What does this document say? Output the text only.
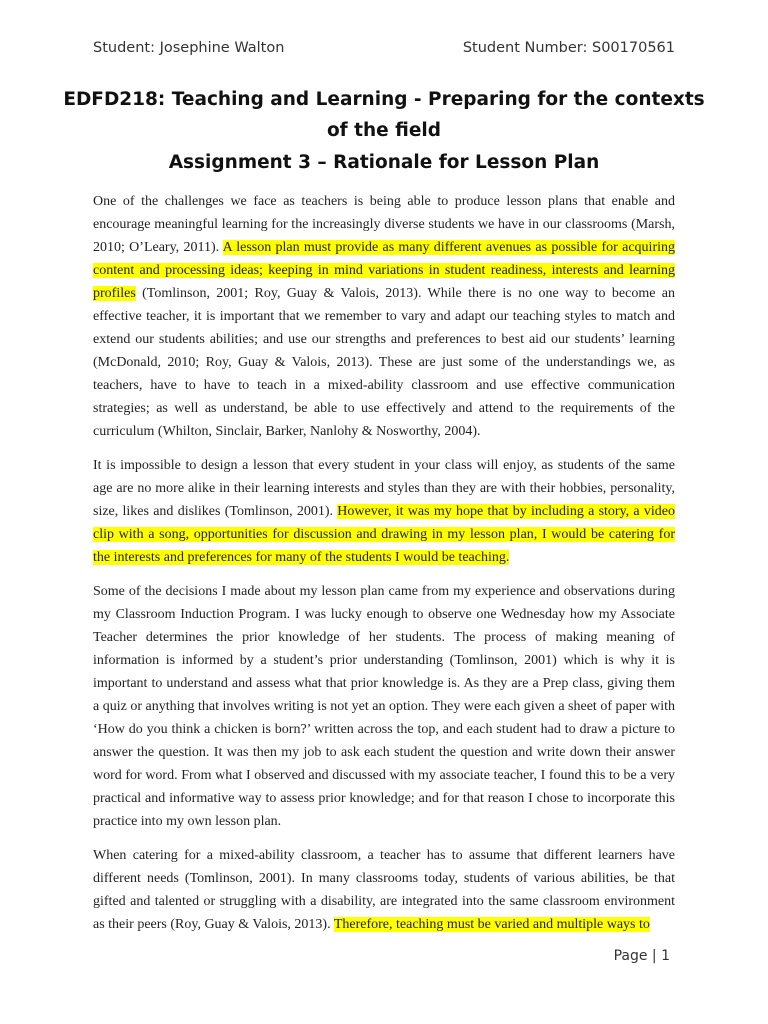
Student: Josephine Walton	Student Number: S00170561
EDFD218: Teaching and Learning - Preparing for the contexts of the field
Assignment 3 – Rationale for Lesson Plan

One of the challenges we face as teachers is being able to produce lesson plans that enable and encourage meaningful learning for the increasingly diverse students we have in our classrooms (Marsh, 2010; O’Leary, 2011). A lesson plan must provide as many different avenues as possible for acquiring content and processing ideas; keeping in mind variations in student readiness, interests and learning profiles (Tomlinson, 2001; Roy, Guay & Valois, 2013). While there is no one way to become an effective teacher, it is important that we remember to vary and adapt our teaching styles to match and extend our students abilities; and use our strengths and preferences to best aid our students’ learning (McDonald, 2010; Roy, Guay & Valois, 2013). These are just some of the understandings we, as teachers, have to have to teach in a mixed-ability classroom and use effective communication strategies; as well as understand, be able to use effectively and attend to the requirements of the curriculum (Whilton, Sinclair, Barker, Nanlohy & Nosworthy, 2004).

It is impossible to design a lesson that every student in your class will enjoy, as students of the same age are no more alike in their learning interests and styles than they are with their hobbies, personality, size, likes and dislikes (Tomlinson, 2001). However, it was my hope that by including a story, a video clip with a song, opportunities for discussion and drawing in my lesson plan, I would be catering for the interests and preferences for many of the students I would be teaching.

Some of the decisions I made about my lesson plan came from my experience and observations during my Classroom Induction Program. I was lucky enough to observe one Wednesday how my Associate Teacher determines the prior knowledge of her students. The process of making meaning of information is informed by a student’s prior understanding (Tomlinson, 2001) which is why it is important to understand and assess what that prior knowledge is. As they are a Prep class, giving them a quiz or anything that involves writing is not yet an option. They were each given a sheet of paper with ‘How do you think a chicken is born?’ written across the top, and each student had to draw a picture to answer the question. It was then my job to ask each student the question and write down their answer word for word. From what I observed and discussed with my associate teacher, I found this to be a very practical and informative way to assess prior knowledge; and for that reason I chose to incorporate this practice into my own lesson plan.

When catering for a mixed-ability classroom, a teacher has to assume that different learners have different needs (Tomlinson, 2001). In many classrooms today, students of various abilities, be that gifted and talented or struggling with a disability, are integrated into the same classroom environment as their peers (Roy, Guay & Valois, 2013). Therefore, teaching must be varied and multiple ways to

Page | 1
